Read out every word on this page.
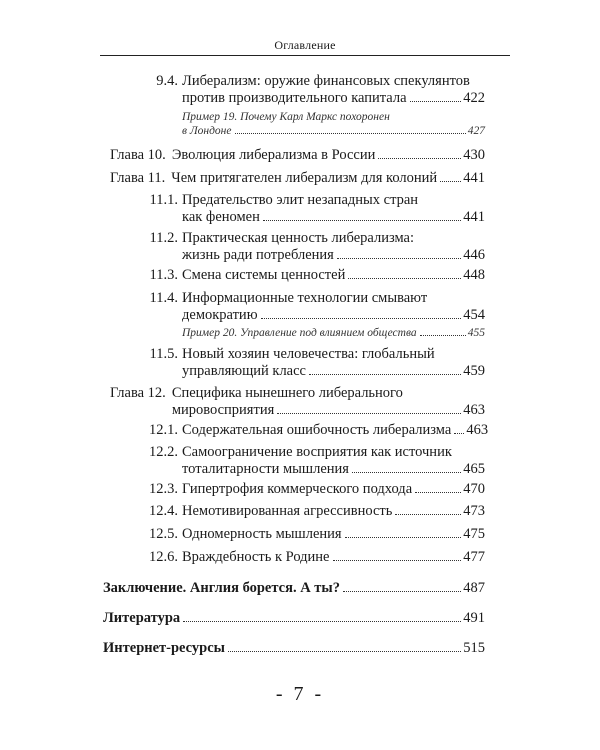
Оглавление
9.4. Либерализм: оружие финансовых спекулянтов
против производительного капитала	422
Пример 19. Почему Карл Маркс похоронен
в Лондоне	427
Глава 10. Эволюция либерализма в России	430
Глава 11. Чем притягателен либерализм для колоний 441
11.1. Предательство элит незападных стран
как феномен	441
11.2. Практическая ценность либерализма:
жизнь ради потребления	446
11.3. Смена системы ценностей	448
11.4. Информационные технологии смывают
демократию	454
Пример 20. Управление под влиянием общества	455
11.5. Новый хозяин человечества: глобальный
управляющий класс	459
Глава 12. Специфика нынешнего либерального
мировосприятия	463
12.1. Содержательная ошибочность либерализма 463
12.2. Самоограничение восприятия как источник
тоталитарности мышления	465
12.3. Гипертрофия коммерческого подхода	470
12.4. Немотивированная агрессивность	473
12.5. Одномерность мышления	475
12.6. Враждебность к Родине	477
Заключение. Англия борется. А ты?	487
Литература	491
Интернет-ресурсы	515
- 7 -
